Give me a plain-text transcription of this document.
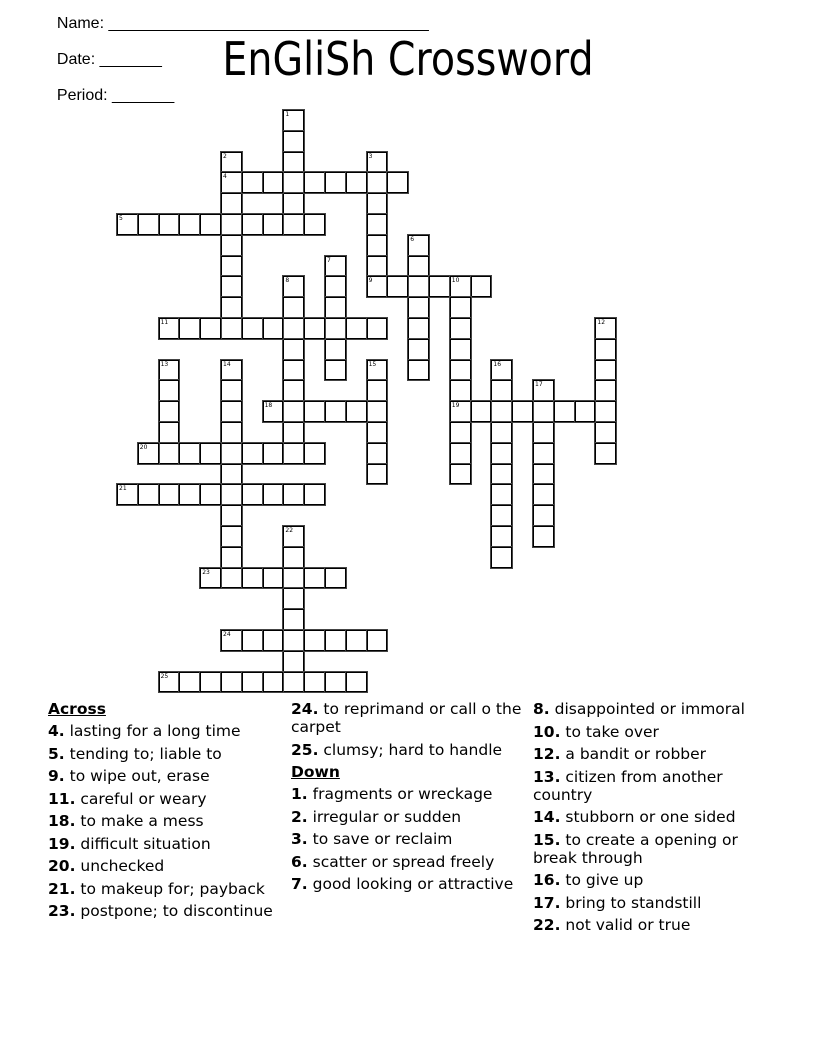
Name: ____________________________________

Date: _______

Period: _______

EnGliSh Crossword
1
2
4
3
9
5
6
7
8	10
19
11	12
13	14	15	16
17
18
20
21
22
23
24
25
Across
4. lasting for a long time
5. tending to; liable to
9. to wipe out, erase
11. careful or weary
18. to make a mess
19. difficult situation
20. unchecked
21. to makeup for; payback
23. postpone; to discontinue
24. to reprimand or call o the carpet
25. clumsy; hard to handle
Down
1. fragments or wreckage
2. irregular or sudden
3. to save or reclaim
6. scatter or spread freely
7. good looking or attractive
8. disappointed or immoral
10. to take over
12. a bandit or robber
13. citizen from another country
14. stubborn or one sided
15. to create a opening or break through
16. to give up
17. bring to standstill
22. not valid or true
